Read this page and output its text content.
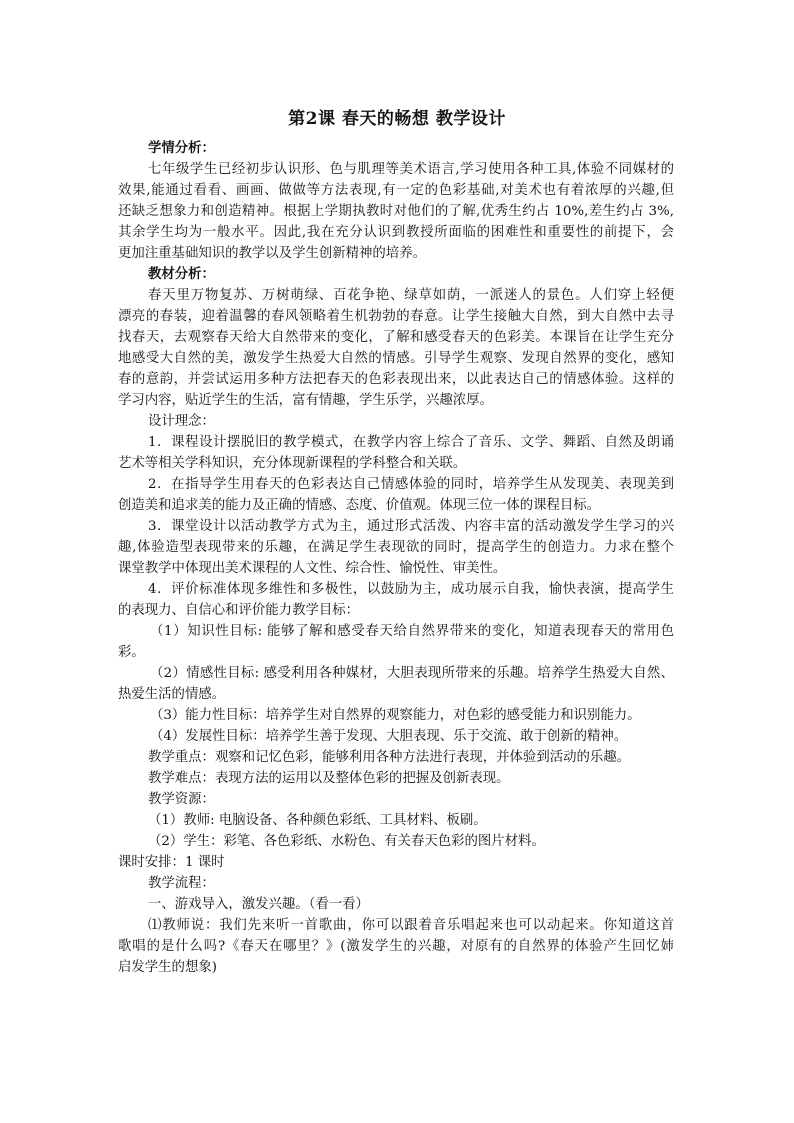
第2课 春天的畅想 教学设计
学情分析：
七年级学生已经初步认识形、色与肌理等美术语言,学习使用各种工具,体验不同媒材的
效果,能通过看看、画画、做做等方法表现,有一定的色彩基础,对美术也有着浓厚的兴趣,但
还缺乏想象力和创造精神。根据上学期执教时对他们的了解,优秀生约占 10%,差生约占 3%,
其余学生均为一般水平。因此,我在充分认识到教授所面临的困难性和重要性的前提下，会
更加注重基础知识的教学以及学生创新精神的培养。
教材分析：
春天里万物复苏、万树萌绿、百花争艳、绿草如荫，一派迷人的景色。人们穿上轻便
漂亮的春装，迎着温馨的春风领略着生机勃勃的春意。让学生接触大自然，到大自然中去寻
找春天，去观察春天给大自然带来的变化，了解和感受春天的色彩美。本课旨在让学生充分
地感受大自然的美，激发学生热爱大自然的情感。引导学生观察、发现自然界的变化，感知
春的意韵，并尝试运用多种方法把春天的色彩表现出来，以此表达自己的情感体验。这样的
学习内容，贴近学生的生活，富有情趣，学生乐学，兴趣浓厚。
设计理念：
1．课程设计摆脱旧的教学模式，在教学内容上综合了音乐、文学、舞蹈、自然及朗诵
艺术等相关学科知识，充分体现新课程的学科整合和关联。
2．在指导学生用春天的色彩表达自己情感体验的同时，培养学生从发现美、表现美到
创造美和追求美的能力及正确的情感、态度、价值观。体现三位一体的课程目标。
3．课堂设计以活动教学方式为主，通过形式活泼、内容丰富的活动激发学生学习的兴
趣,体验造型表现带来的乐趣，在满足学生表现欲的同时，提高学生的创造力。力求在整个
课堂教学中体现出美术课程的人文性、综合性、愉悦性、审美性。
4．评价标准体现多维性和多极性，以鼓励为主，成功展示自我，愉快表演，提高学生
的表现力、自信心和评价能力教学目标：
（1）知识性目标: 能够了解和感受春天给自然界带来的变化，知道表现春天的常用色
彩。
（2）情感性目标: 感受利用各种媒材，大胆表现所带来的乐趣。培养学生热爱大自然、
热爱生活的情感。
（3）能力性目标：培养学生对自然界的观察能力，对色彩的感受能力和识别能力。
（4）发展性目标：培养学生善于发现、大胆表现、乐于交流、敢于创新的精神。
教学重点：观察和记忆色彩，能够利用各种方法进行表现，并体验到活动的乐趣。
教学难点：表现方法的运用以及整体色彩的把握及创新表现。
教学资源：
（1）教师: 电脑设备、各种颜色彩纸、工具材料、板刷。
（2）学生：彩笔、各色彩纸、水粉色、有关春天色彩的图片材料。
课时安排：1 课时
教学流程：
一、游戏导入，激发兴趣。（看一看）
⑴教师说：我们先来听一首歌曲，你可以跟着音乐唱起来也可以动起来。你知道这首
歌唱的是什么吗?《春天在哪里？》(激发学生的兴趣，对原有的自然界的体验产生回忆姉
启发学生的想象)
